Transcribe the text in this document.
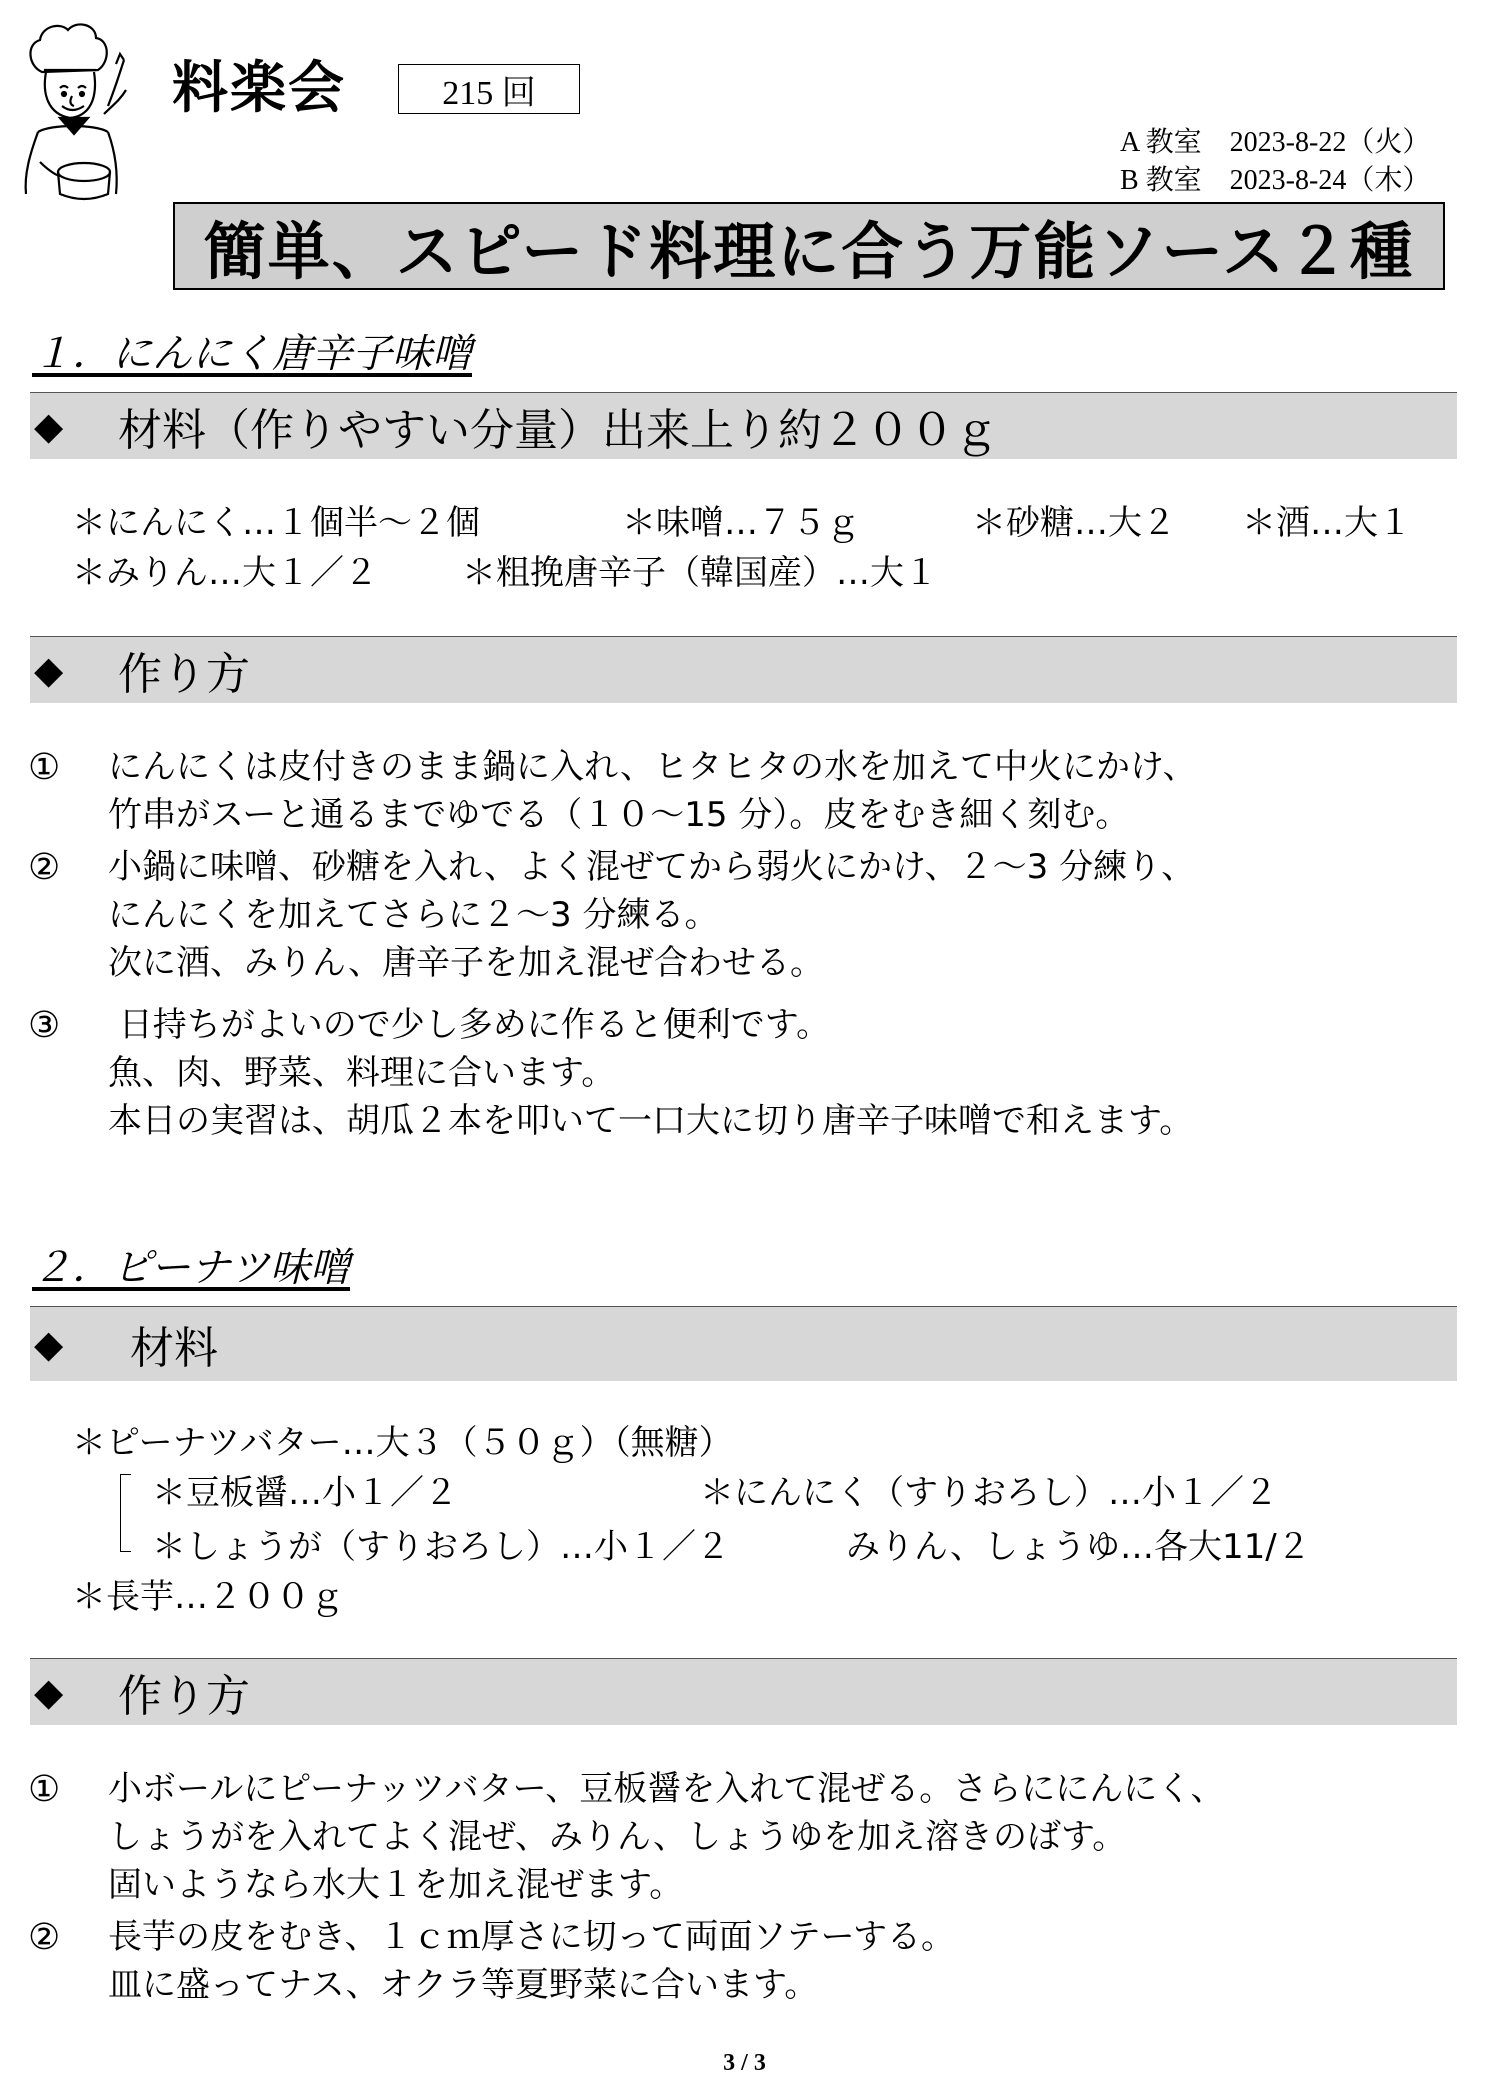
料楽会	215 回
A 教室　2023-8-22（火）
B 教室　2023-8-24（木）
簡単、スピード料理に合う万能ソース２種
１．にんにく唐辛子味噌
◆	材料（作りやすい分量）出来上り約２００ｇ
＊にんにく…１個半～２個	＊味噌…７５ｇ	＊砂糖…大２ ＊酒…大１
＊みりん…大１／２ ＊粗挽唐辛子（韓国産）…大１
◆	作り方
① にんにくは皮付きのまま鍋に入れ、ヒタヒタの水を加えて中火にかけ、
竹串がスーと通るまでゆでる（１０～15 分）。皮をむき細く刻む。
② 小鍋に味噌、砂糖を入れ、よく混ぜてから弱火にかけ、２～3 分練り、
にんにくを加えてさらに２～3 分練る。
次に酒、みりん、唐辛子を加え混ぜ合わせる。
③ 日持ちがよいので少し多めに作ると便利です。
魚、肉、野菜、料理に合います。
本日の実習は、胡瓜２本を叩いて一口大に切り唐辛子味噌で和えます。
２．ピーナツ味噌
◆	材料
＊ピーナツバター…大３（５０ｇ）（無糖）
＊豆板醤…小１／２	＊にんにく（すりおろし）…小１／２
＊しょうが（すりおろし）…小１／２	みりん、しょうゆ…各大11/２
＊長芋…２００ｇ
◆	作り方
① 小ボールにピーナッツバター、豆板醤を入れて混ぜる。さらににんにく、
しょうがを入れてよく混ぜ、みりん、しょうゆを加え溶きのばす。
固いようなら水大１を加え混ぜます。
② 長芋の皮をむき、１ｃｍ厚さに切って両面ソテーする。
皿に盛ってナス、オクラ等夏野菜に合います。
3 / 3
